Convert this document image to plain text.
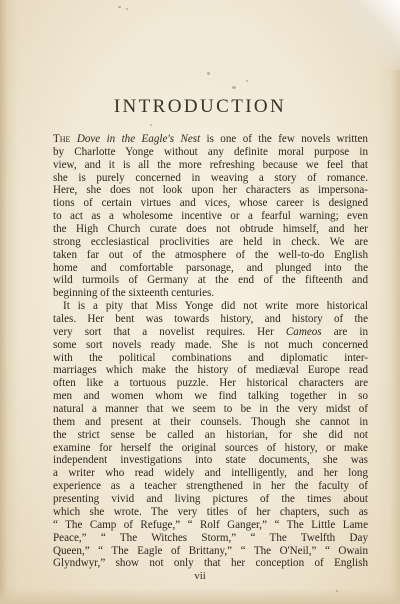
INTRODUCTION
The Dove in the Eagle's Nest is one of the few novels written
by Charlotte Yonge without any definite moral purpose in
view, and it is all the more refreshing because we feel that
she is purely concerned in weaving a story of romance.
Here, she does not look upon her characters as impersona-
tions of certain virtues and vices, whose career is designed
to act as a wholesome incentive or a fearful warning; even
the High Church curate does not obtrude himself, and her
strong ecclesiastical proclivities are held in check. We are
taken far out of the atmosphere of the well-to-do English
home and comfortable parsonage, and plunged into the
wild turmoils of Germany at the end of the fifteenth and
beginning of the sixteenth centuries.
It is a pity that Miss Yonge did not write more historical
tales. Her bent was towards history, and history of the
very sort that a novelist requires. Her Cameos are in
some sort novels ready made. She is not much concerned
with the political combinations and diplomatic inter-
marriages which make the history of mediæval Europe read
often like a tortuous puzzle. Her historical characters are
men and women whom we find talking together in so
natural a manner that we seem to be in the very midst of
them and present at their counsels. Though she cannot in
the strict sense be called an historian, for she did not
examine for herself the original sources of history, or make
independent investigations into state documents, she was
a writer who read widely and intelligently, and her long
experience as a teacher strengthened in her the faculty of
presenting vivid and living pictures of the times about
which she wrote. The very titles of her chapters, such as
“ The Camp of Refuge,” “ Rolf Ganger,” “ The Little Lame
Peace,” “ The Witches Storm,” “ The Twelfth Day
Queen,” “ The Eagle of Brittany,” “ The O'Neil,” “ Owain
Glyndwyr,” show not only that her conception of English
vii
